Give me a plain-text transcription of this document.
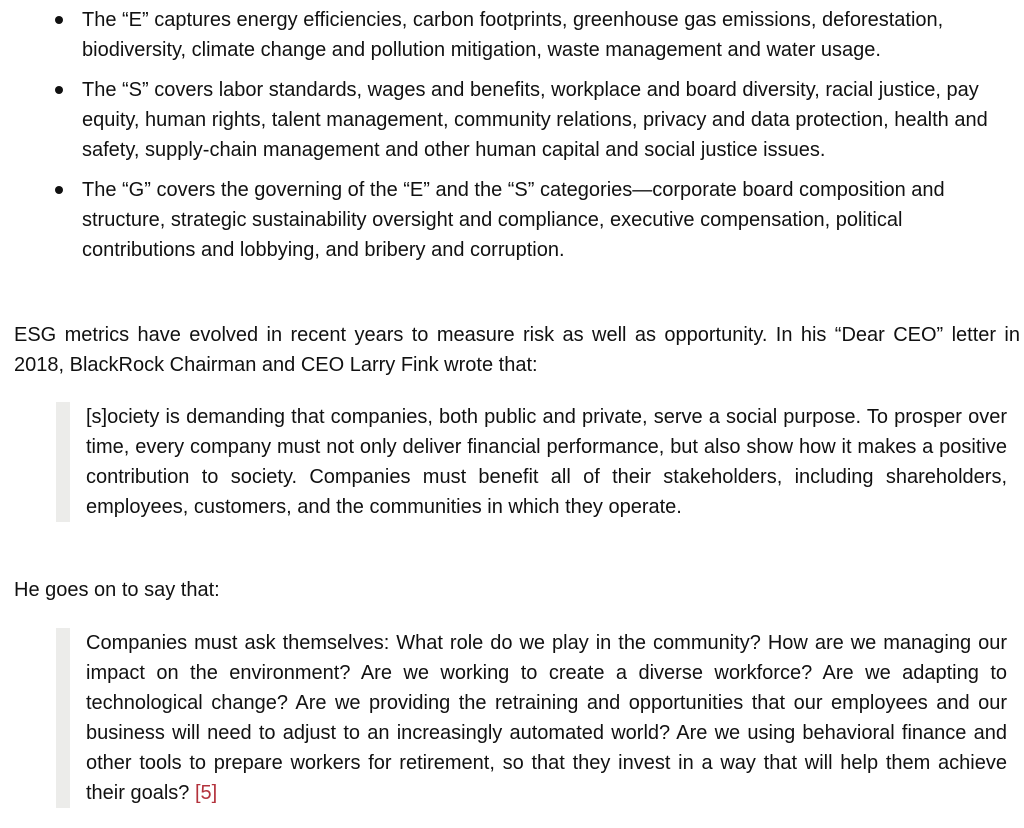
The “E” captures energy efficiencies, carbon footprints, greenhouse gas emissions, deforestation, biodiversity, climate change and pollution mitigation, waste management and water usage.
The “S” covers labor standards, wages and benefits, workplace and board diversity, racial justice, pay equity, human rights, talent management, community relations, privacy and data protection, health and safety, supply-chain management and other human capital and social justice issues.
The “G” covers the governing of the “E” and the “S” categories—corporate board composition and structure, strategic sustainability oversight and compliance, executive compensation, political contributions and lobbying, and bribery and corruption.

ESG metrics have evolved in recent years to measure risk as well as opportunity. In his “Dear CEO” letter in 2018, BlackRock Chairman and CEO Larry Fink wrote that:

[s]ociety is demanding that companies, both public and private, serve a social purpose. To prosper over time, every company must not only deliver financial performance, but also show how it makes a positive contribution to society. Companies must benefit all of their stakeholders, including shareholders, employees, customers, and the communities in which they operate.

He goes on to say that:

Companies must ask themselves: What role do we play in the community? How are we managing our impact on the environment? Are we working to create a diverse workforce? Are we adapting to technological change? Are we providing the retraining and opportunities that our employees and our business will need to adjust to an increasingly automated world? Are we using behavioral finance and other tools to prepare workers for retirement, so that they invest in a way that will help them achieve their goals? [5]
